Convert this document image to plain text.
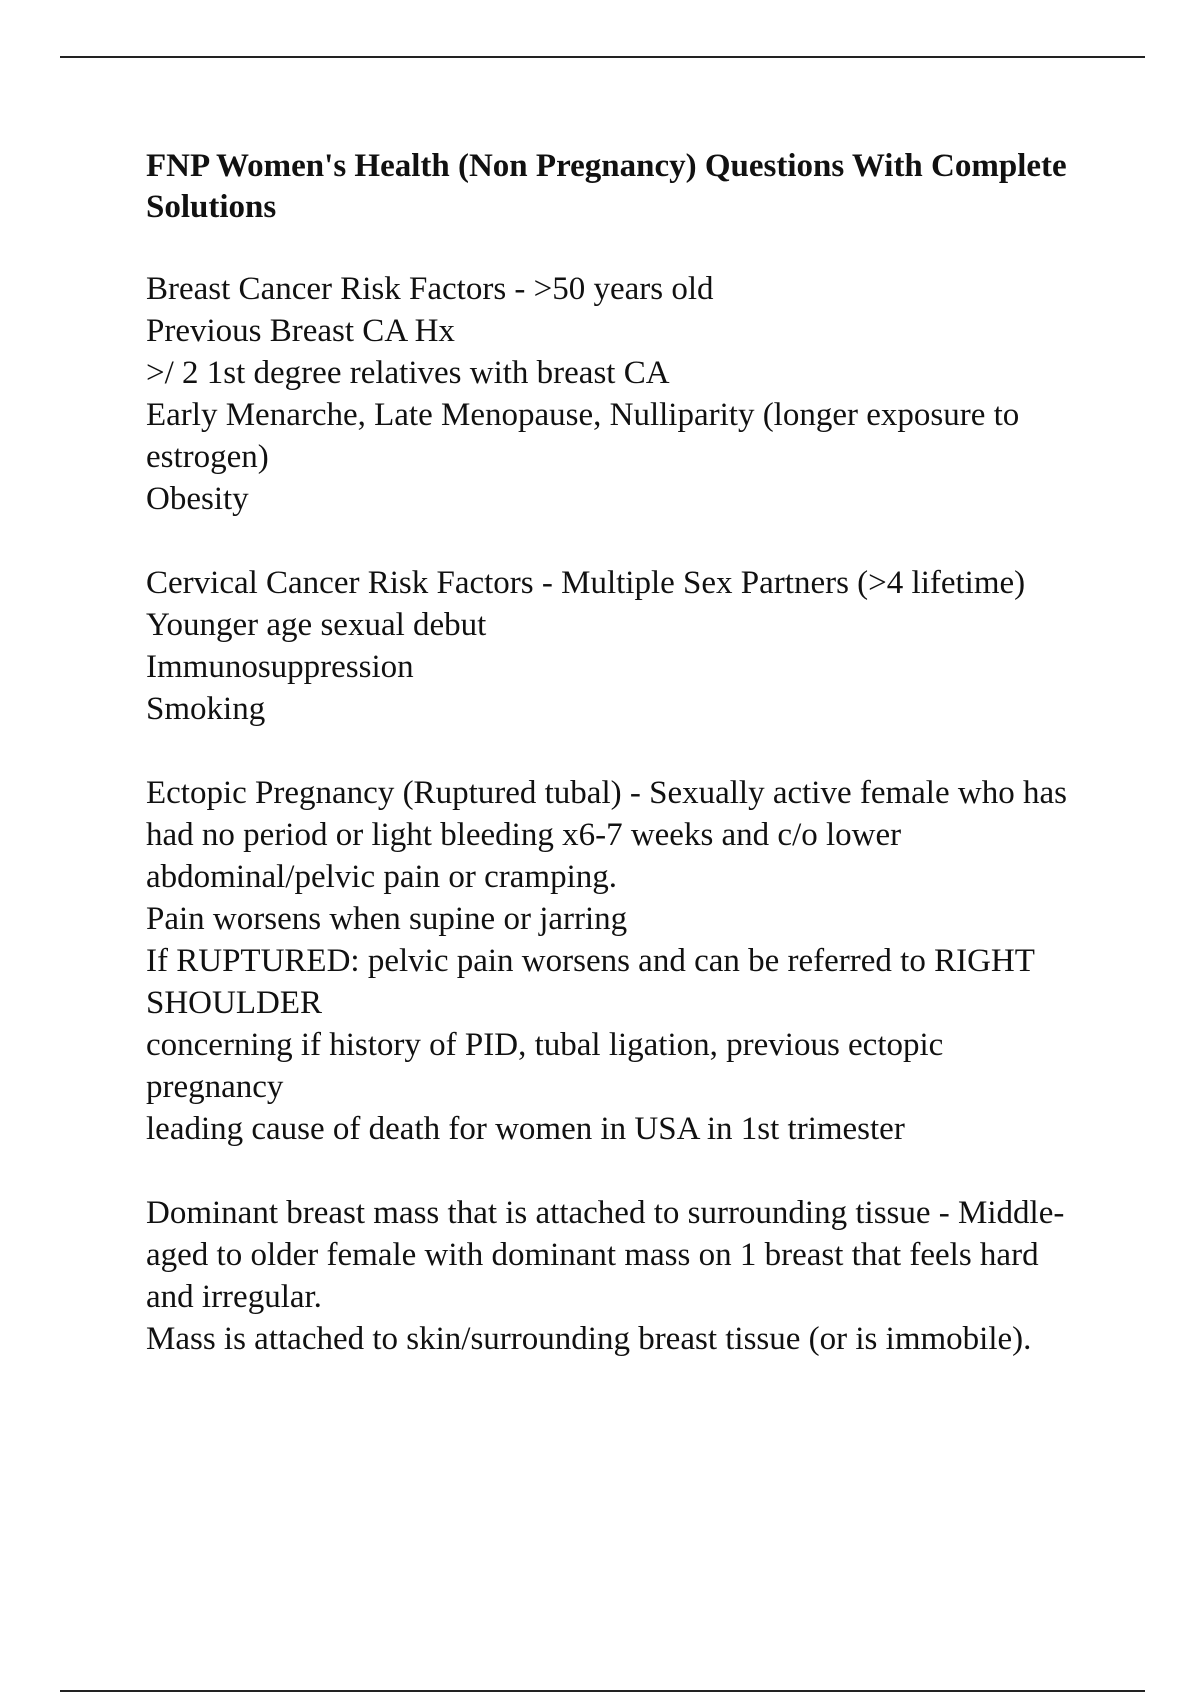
FNP Women's Health (Non Pregnancy) Questions With Complete Solutions

Breast Cancer Risk Factors - >50 years old

Previous Breast CA Hx

>/ 2 1st degree relatives with breast CA

Early Menarche, Late Menopause, Nulliparity (longer exposure to estrogen)

Obesity

Cervical Cancer Risk Factors - Multiple Sex Partners (>4 lifetime)

Younger age sexual debut

Immunosuppression

Smoking

Ectopic Pregnancy (Ruptured tubal) - Sexually active female who has had no period or light bleeding x6-7 weeks and c/o lower abdominal/pelvic pain or cramping.

Pain worsens when supine or jarring

If RUPTURED: pelvic pain worsens and can be referred to RIGHT SHOULDER

concerning if history of PID, tubal ligation, previous ectopic pregnancy

leading cause of death for women in USA in 1st trimester

Dominant breast mass that is attached to surrounding tissue - Middle-aged to older female with dominant mass on 1 breast that feels hard and irregular.

Mass is attached to skin/surrounding breast tissue (or is immobile).
